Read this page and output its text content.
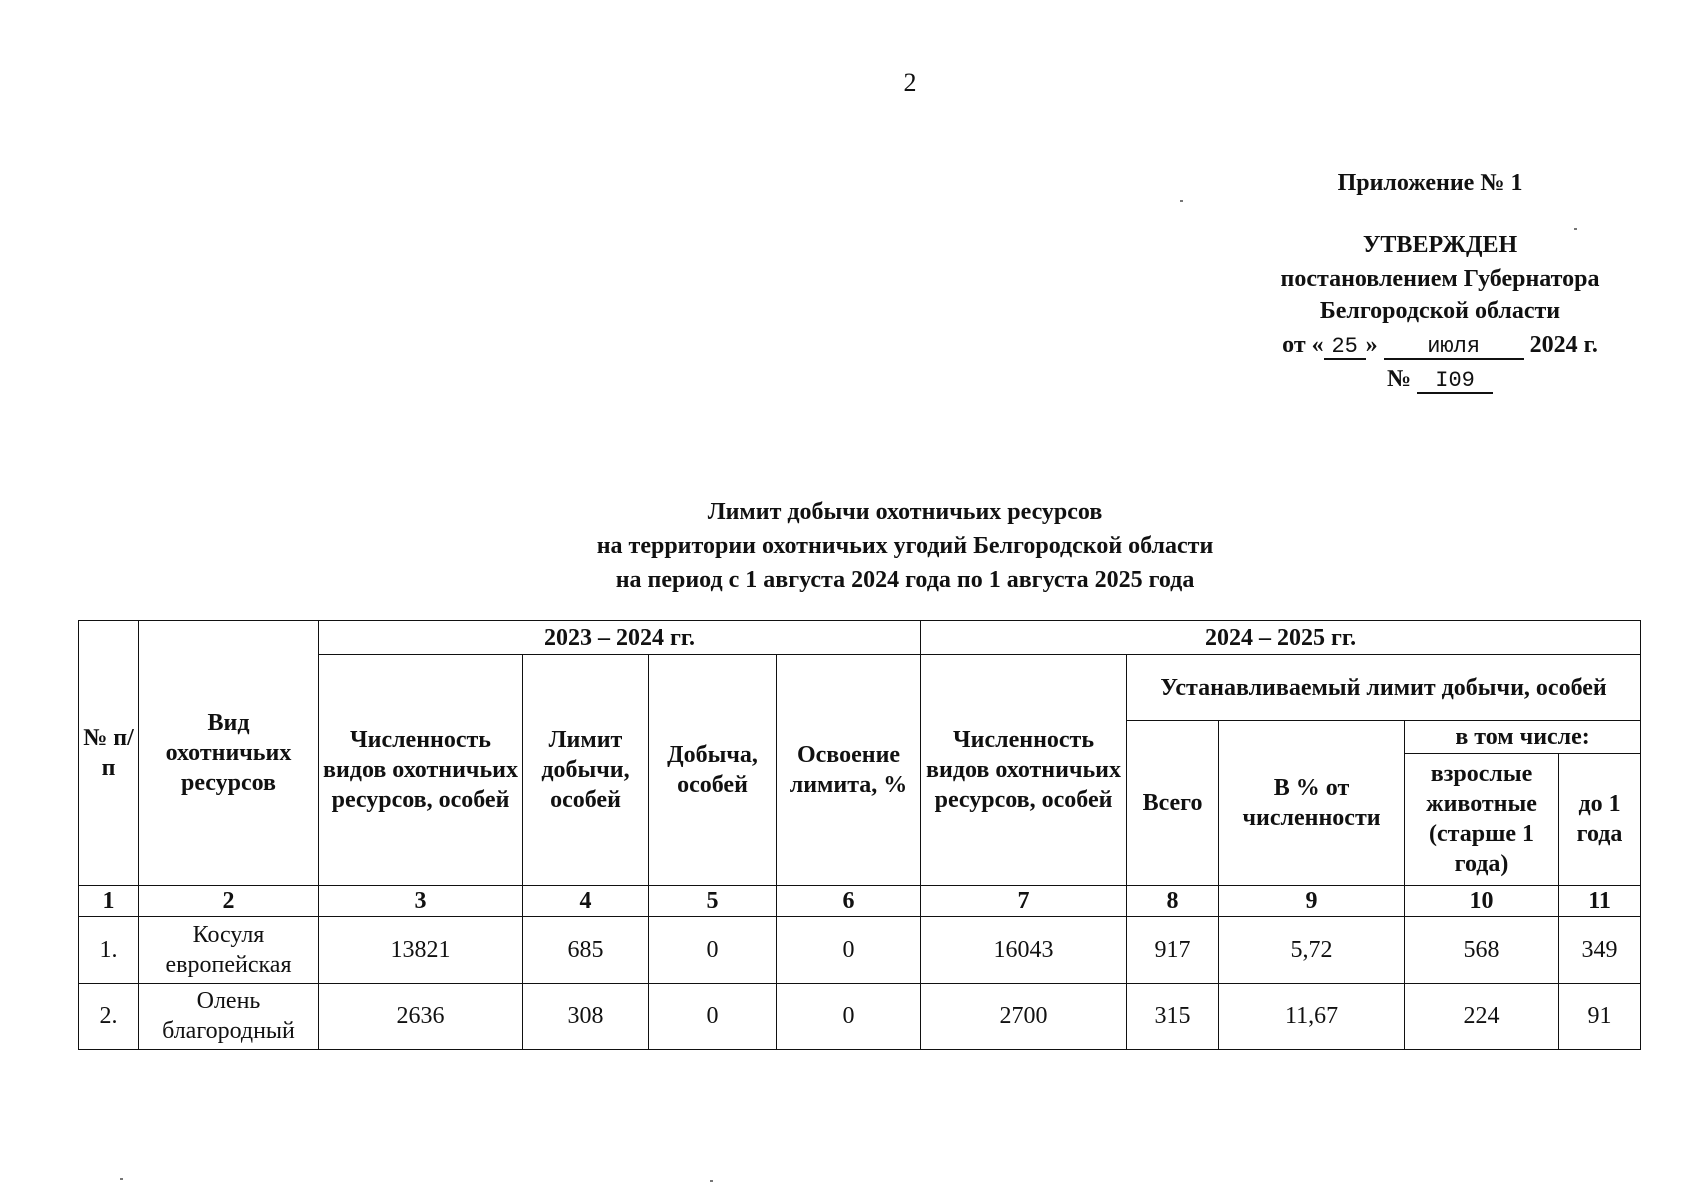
2
Приложение № 1
УТВЕРЖДЕН
постановлением Губернатора
Белгородской области
от « 25 » июля 2024 г.
№ I09
Лимит добычи охотничьих ресурсов
на территории охотничьих угодий Белгородской области
на период с 1 августа 2024 года по 1 августа 2025 года
№ п/п	Вид охотничьих ресурсов	2023 – 2024 гг.				2024 – 2025 гг.				
		Численность видов охотничьих ресурсов, особей	Лимит добычи, особей	Добыча, особей	Освоение лимита, %	Численность видов охотничьих ресурсов, особей	Устанавливаемый лимит добычи, особей			
							Всего	В % от численности	в том числе:	
									взрослые животные (старше 1 года)	до 1 года
1	2	3	4	5	6	7	8	9	10	11
1.	Косуля европейская	13821	685	0	0	16043	917	5,72	568	349
2.	Олень благородный	2636	308	0	0	2700	315	11,67	224	91
